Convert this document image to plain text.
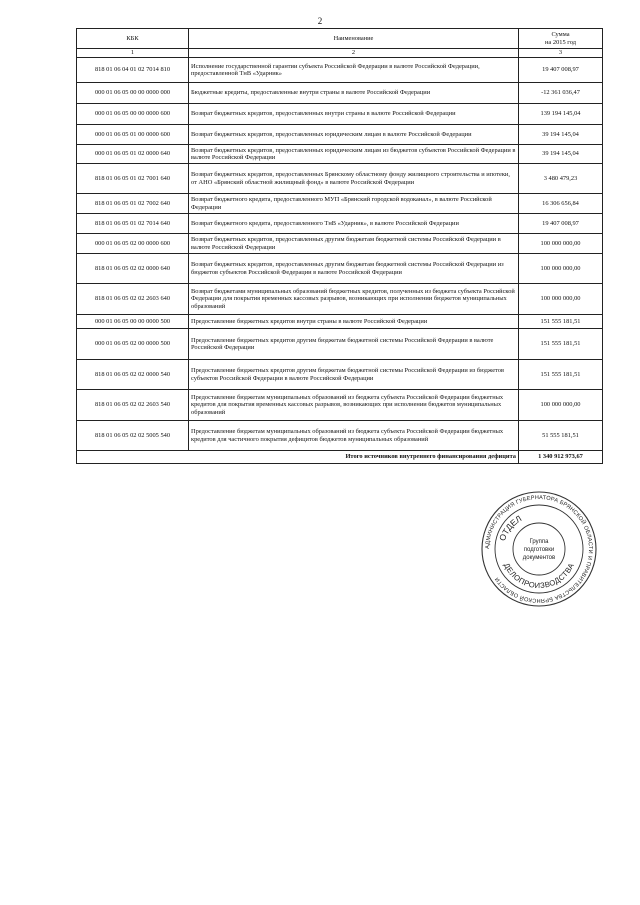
2
КБК	Наименование	Сумма
на 2015 год
1	2	3
818 01 06 04 01 02 7014 810	Исполнение государственной гарантии субъекта Российской Федерации в валюте Российской Федерации, предоставленной ТнВ «Ударник»	19 407 008,97
000 01 06 05 00 00 0000 000	Бюджетные кредиты, предоставленные внутри страны в валюте Российской Федерации	-12 361 036,47
000 01 06 05 00 00 0000 600	Возврат бюджетных кредитов, предоставленных внутри страны в валюте Российской Федерации	139 194 145,04
000 01 06 05 01 00 0000 600	Возврат бюджетных кредитов, предоставленных юридическим лицам в валюте Российской Федерации	39 194 145,04
000 01 06 05 01 02 0000 640	Возврат бюджетных кредитов, предоставленных юридическим лицам из бюджетов субъектов Российской Федерации в валюте Российской Федерации	39 194 145,04
818 01 06 05 01 02 7001 640	Возврат бюджетных кредитов, предоставленных Брянскому областному фонду жилищного строительства и ипотеки, от АНО «Брянский областной жилищный фонд» в валюте Российской Федерации	3 480 479,23
818 01 06 05 01 02 7002 640	Возврат бюджетного кредита, предоставленного МУП «Брянский городской водоканал», в валюте Российской Федерации	16 306 656,84
818 01 06 05 01 02 7014 640	Возврат бюджетного кредита, предоставленного ТнВ «Ударник», в валюте Российской Федерации	19 407 008,97
000 01 06 05 02 00 0000 600	Возврат бюджетных кредитов, предоставленных другим бюджетам бюджетной системы Российской Федерации в валюте Российской Федерации	100 000 000,00
818 01 06 05 02 02 0000 640	Возврат бюджетных кредитов, предоставленных другим бюджетам бюджетной системы Российской Федерации из бюджетов субъектов Российской Федерации в валюте Российской Федерации	100 000 000,00
818 01 06 05 02 02 2603 640	Возврат бюджетами муниципальных образований бюджетных кредитов, полученных из бюджета субъекта Российской Федерации для покрытия временных кассовых разрывов, возникающих при исполнении бюджетов муниципальных образований	100 000 000,00
000 01 06 05 00 00 0000 500	Предоставление бюджетных кредитов внутри страны в валюте Российской Федерации	151 555 181,51
000 01 06 05 02 00 0000 500	Предоставление бюджетных кредитов другим бюджетам бюджетной системы Российской Федерации в валюте Российской Федерации	151 555 181,51
818 01 06 05 02 02 0000 540	Предоставление бюджетных кредитов другим бюджетам бюджетной системы Российской Федерации из бюджетов субъектов Российской Федерации в валюте Российской Федерации	151 555 181,51
818 01 06 05 02 02 2603 540	Предоставление бюджетам муниципальных образований из бюджета субъекта Российской Федерации бюджетных кредитов для покрытия временных кассовых разрывов, возникающих при исполнении бюджетов муниципальных образований	100 000 000,00
818 01 06 05 02 02 5005 540	Предоставление бюджетам муниципальных образований из бюджета субъекта Российской Федерации бюджетных кредитов для частичного покрытия дефицитов бюджетов муниципальных образований	51 555 181,51
Итого источников внутреннего финансирования дефицита		1 340 912 973,67
АДМИНИСТРАЦИЯ ГУБЕРНАТОРА БРЯНСКОЙ ОБЛАСТИ И ПРАВИТЕЛЬСТВА БРЯНСКОЙ ОБЛАСТИ
ОТДЕЛ
ДЕЛОПРОИЗВОДСТВА
Группа
подготовки
документов
